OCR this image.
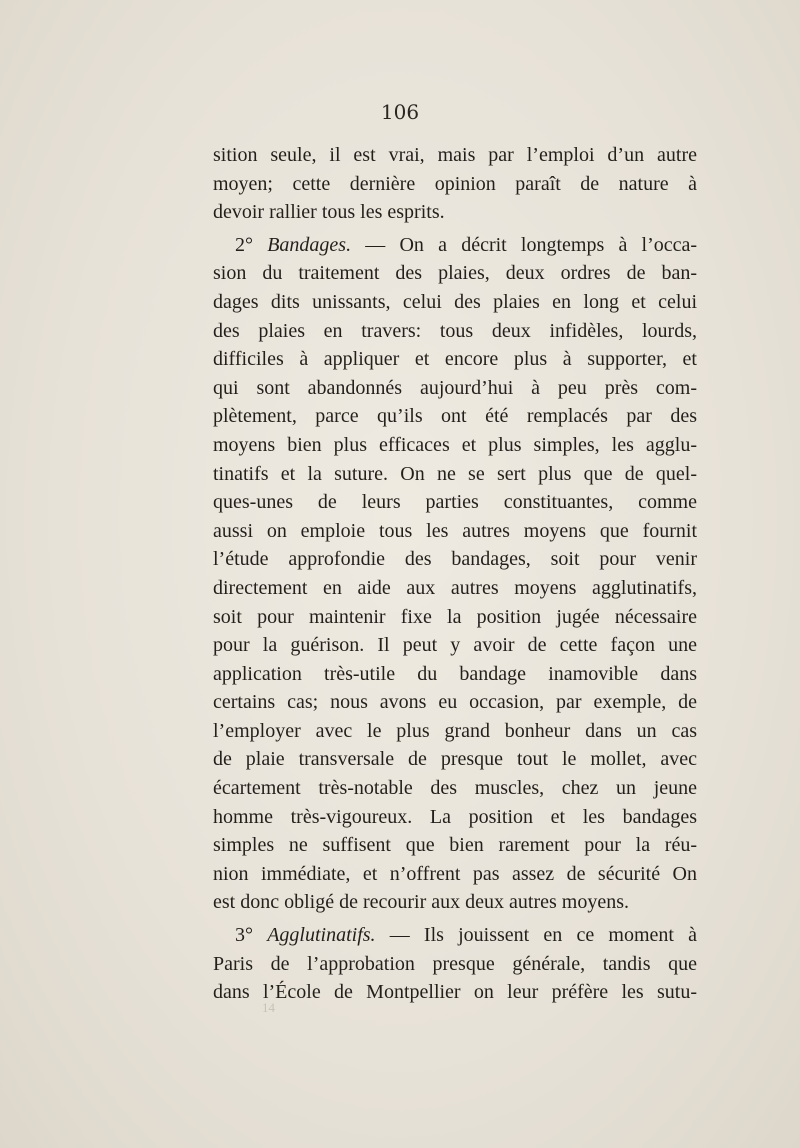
106
sition seule, il est vrai, mais par l’emploi d’un autre
moyen; cette dernière opinion paraît de nature à
devoir rallier tous les esprits.
2° Bandages. — On a décrit longtemps à l’occa-
sion du traitement des plaies, deux ordres de ban-
dages dits unissants, celui des plaies en long et celui
des plaies en travers: tous deux infidèles, lourds,
difficiles à appliquer et encore plus à supporter, et
qui sont abandonnés aujourd’hui à peu près com-
plètement, parce qu’ils ont été remplacés par des
moyens bien plus efficaces et plus simples, les agglu-
tinatifs et la suture. On ne se sert plus que de quel-
ques-unes de leurs parties constituantes, comme
aussi on emploie tous les autres moyens que fournit
l’étude approfondie des bandages, soit pour venir
directement en aide aux autres moyens agglutinatifs,
soit pour maintenir fixe la position jugée nécessaire
pour la guérison. Il peut y avoir de cette façon une
application très-utile du bandage inamovible dans
certains cas; nous avons eu occasion, par exemple, de
l’employer avec le plus grand bonheur dans un cas
de plaie transversale de presque tout le mollet, avec
écartement très-notable des muscles, chez un jeune
homme très-vigoureux. La position et les bandages
simples ne suffisent que bien rarement pour la réu-
nion immédiate, et n’offrent pas assez de sécurité On
est donc obligé de recourir aux deux autres moyens.
3° Agglutinatifs. — Ils jouissent en ce moment à
Paris de l’approbation presque générale, tandis que
dans l’École de Montpellier on leur préfère les sutu-
14
